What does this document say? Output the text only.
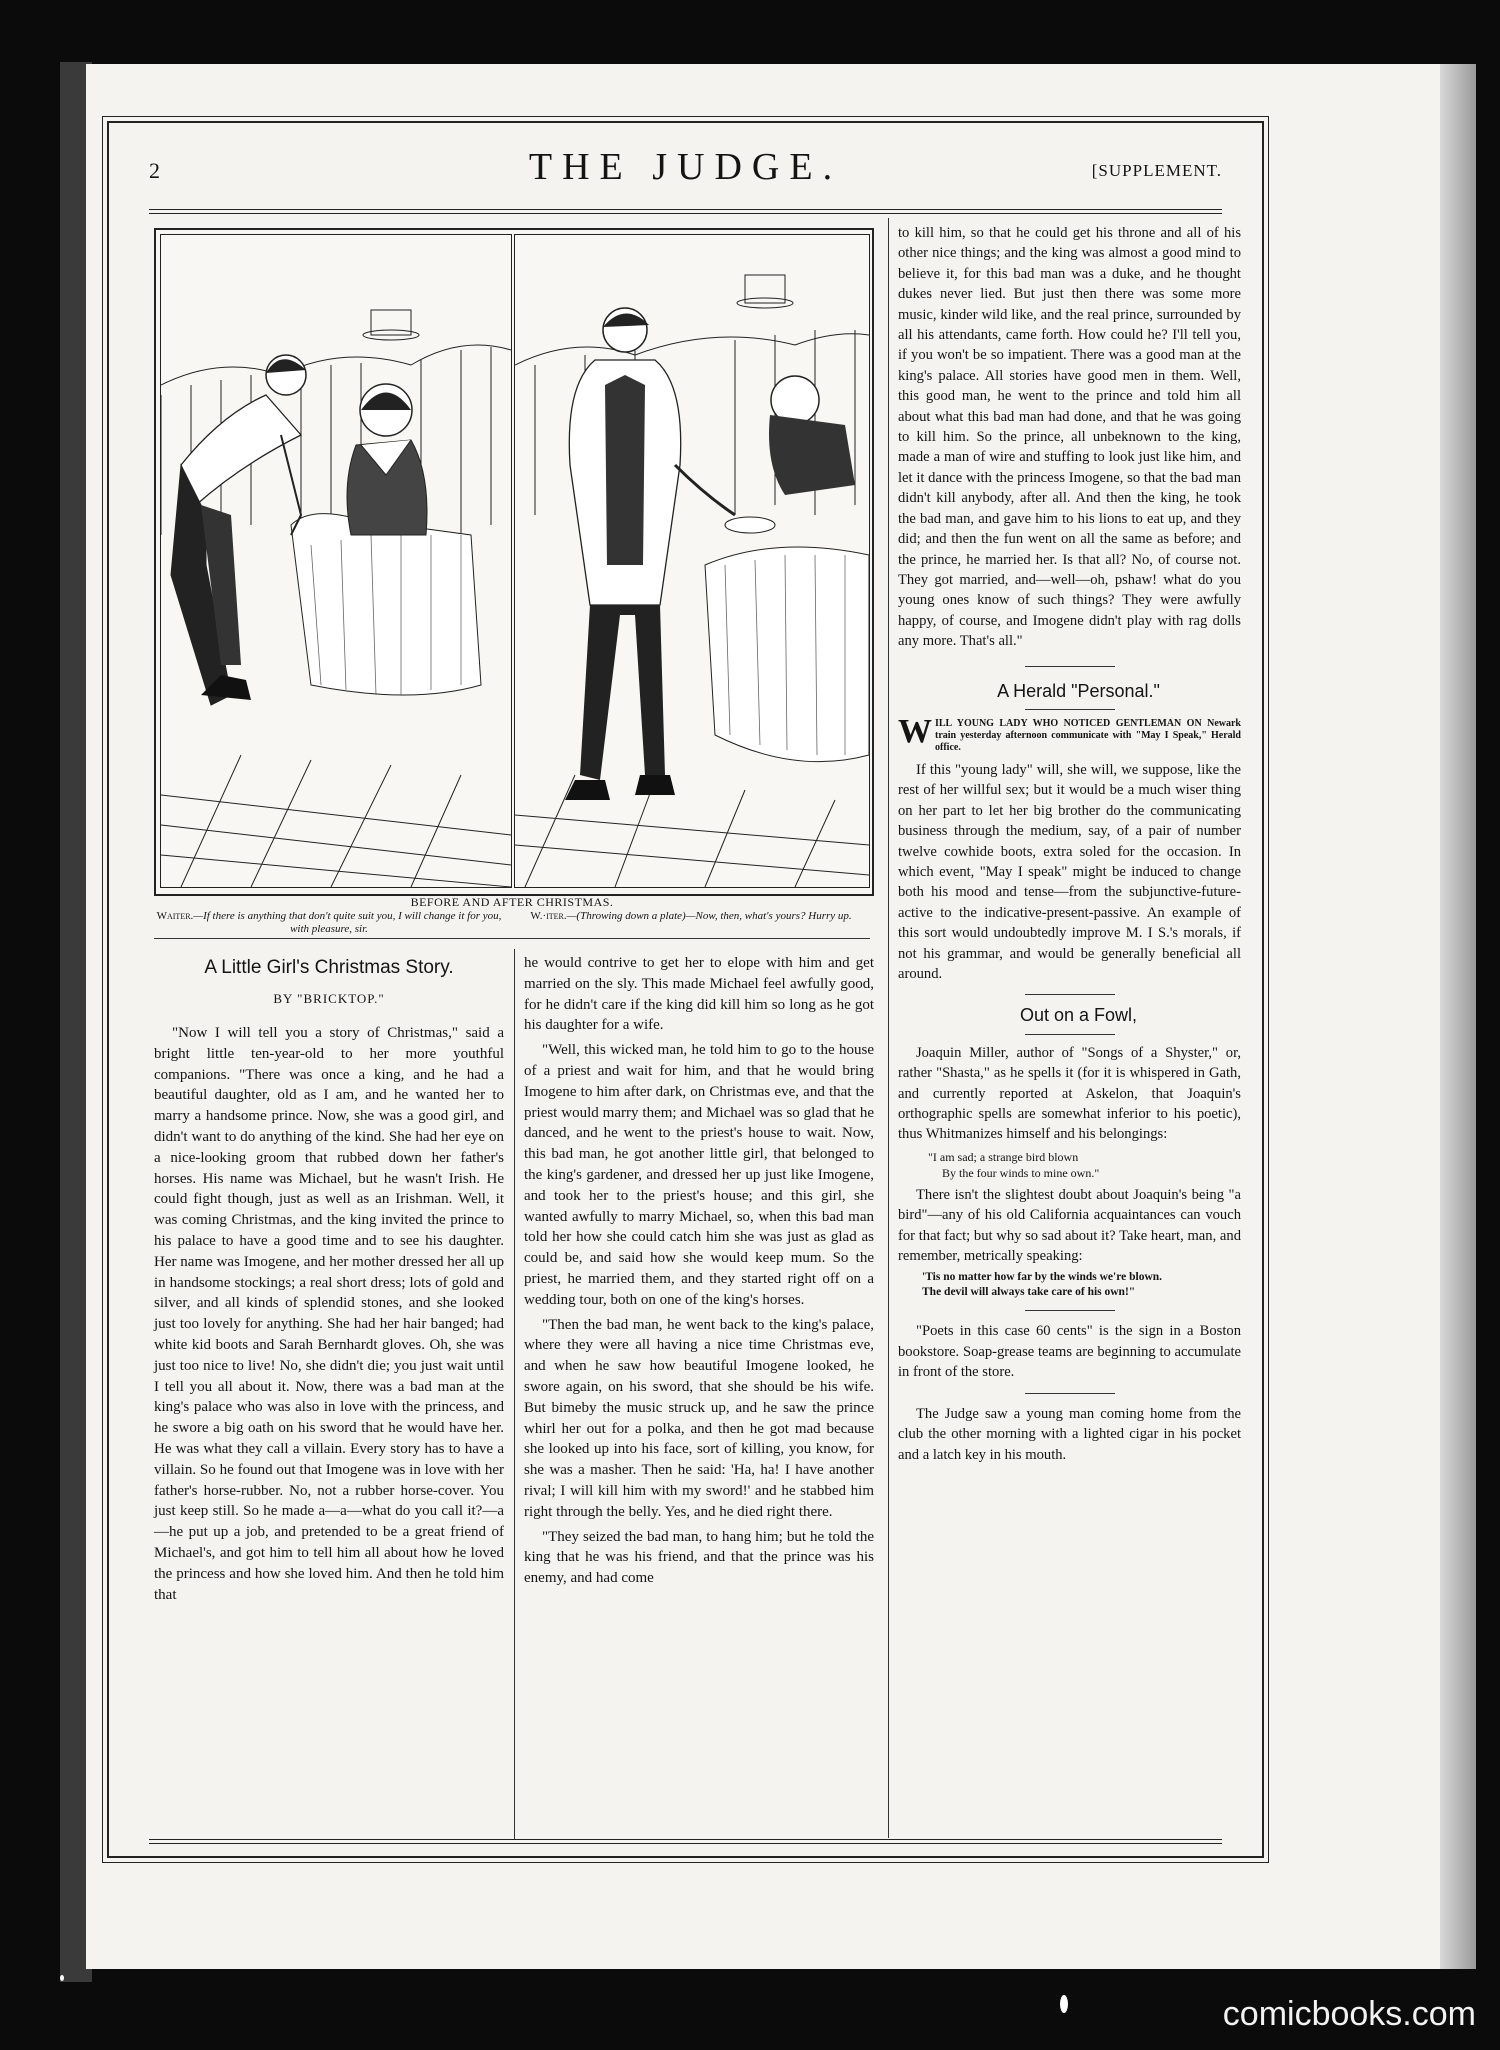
2	THE JUDGE.	[SUPPLEMENT.
BEFORE AND AFTER CHRISTMAS.
Waiter.—If there is anything that don't quite suit you, I will change it for you, with pleasure, sir.
W.·iter.—(Throwing down a plate)—Now, then, what's yours? Hurry up.
A Little Girl's Christmas Story.
BY "BRICKTOP."

"Now I will tell you a story of Christmas," said a bright little ten-year-old to her more youthful companions. "There was once a king, and he had a beautiful daughter, old as I am, and he wanted her to marry a handsome prince. Now, she was a good girl, and didn't want to do anything of the kind. She had her eye on a nice-looking groom that rubbed down her father's horses. His name was Michael, but he wasn't Irish. He could fight though, just as well as an Irishman. Well, it was coming Christmas, and the king invited the prince to his palace to have a good time and to see his daughter. Her name was Imogene, and her mother dressed her all up in handsome stockings; a real short dress; lots of gold and silver, and all kinds of splendid stones, and she looked just too lovely for anything. She had her hair banged; had white kid boots and Sarah Bernhardt gloves. Oh, she was just too nice to live! No, she didn't die; you just wait until I tell you all about it. Now, there was a bad man at the king's palace who was also in love with the princess, and he swore a big oath on his sword that he would have her. He was what they call a villain. Every story has to have a villain. So he found out that Imogene was in love with her father's horse-rubber. No, not a rubber horse-cover. You just keep still. So he made a—a—what do you call it?—a—he put up a job, and pretended to be a great friend of Michael's, and got him to tell him all about how he loved the princess and how she loved him. And then he told him that

he would contrive to get her to elope with him and get married on the sly. This made Michael feel awfully good, for he didn't care if the king did kill him so long as he got his daughter for a wife.

"Well, this wicked man, he told him to go to the house of a priest and wait for him, and that he would bring Imogene to him after dark, on Christmas eve, and that the priest would marry them; and Michael was so glad that he danced, and he went to the priest's house to wait. Now, this bad man, he got another little girl, that belonged to the king's gardener, and dressed her up just like Imogene, and took her to the priest's house; and this girl, she wanted awfully to marry Michael, so, when this bad man told her how she could catch him she was just as glad as could be, and said how she would keep mum. So the priest, he married them, and they started right off on a wedding tour, both on one of the king's horses.

"Then the bad man, he went back to the king's palace, where they were all having a nice time Christmas eve, and when he saw how beautiful Imogene looked, he swore again, on his sword, that she should be his wife. But bimeby the music struck up, and he saw the prince whirl her out for a polka, and then he got mad because she looked up into his face, sort of killing, you know, for she was a masher. Then he said: 'Ha, ha! I have another rival; I will kill him with my sword!' and he stabbed him right through the belly. Yes, and he died right there.

"They seized the bad man, to hang him; but he told the king that he was his friend, and that the prince was his enemy, and had come

to kill him, so that he could get his throne and all of his other nice things; and the king was almost a good mind to believe it, for this bad man was a duke, and he thought dukes never lied. But just then there was some more music, kinder wild like, and the real prince, surrounded by all his attendants, came forth. How could he? I'll tell you, if you won't be so impatient. There was a good man at the king's palace. All stories have good men in them. Well, this good man, he went to the prince and told him all about what this bad man had done, and that he was going to kill him. So the prince, all unbeknown to the king, made a man of wire and stuffing to look just like him, and let it dance with the princess Imogene, so that the bad man didn't kill anybody, after all. And then the king, he took the bad man, and gave him to his lions to eat up, and they did; and then the fun went on all the same as before; and the prince, he married her. Is that all? No, of course not. They got married, and—well—oh, pshaw! what do you young ones know of such things? They were awfully happy, of course, and Imogene didn't play with rag dolls any more. That's all."

A Herald "Personal."

WILL YOUNG LADY WHO NOTICED GENTLEMAN ON Newark train yesterday afternoon communicate with "May I Speak," Herald office.

If this "young lady" will, she will, we suppose, like the rest of her willful sex; but it would be a much wiser thing on her part to let her big brother do the communicating business through the medium, say, of a pair of number twelve cowhide boots, extra soled for the occasion. In which event, "May I speak" might be induced to change both his mood and tense—from the subjunctive-future-active to the indicative-present-passive. An example of this sort would undoubtedly improve M. I S.'s morals, if not his grammar, and would be generally beneficial all around.

Out on a Fowl,

Joaquin Miller, author of "Songs of a Shyster," or, rather "Shasta," as he spells it (for it is whispered in Gath, and currently reported at Askelon, that Joaquin's orthographic spells are somewhat inferior to his poetic), thus Whitmanizes himself and his belongings:

"I am sad; a strange bird blown
By the four winds to mine own."

There isn't the slightest doubt about Joaquin's being "a bird"—any of his old California acquaintances can vouch for that fact; but why so sad about it? Take heart, man, and remember, metrically speaking:

'Tis no matter how far by the winds we're blown.
The devil will always take care of his own!"

"Poets in this case 60 cents" is the sign in a Boston bookstore. Soap-grease teams are beginning to accumulate in front of the store.

The Judge saw a young man coming home from the club the other morning with a lighted cigar in his pocket and a latch key in his mouth.

comicbooks.com
